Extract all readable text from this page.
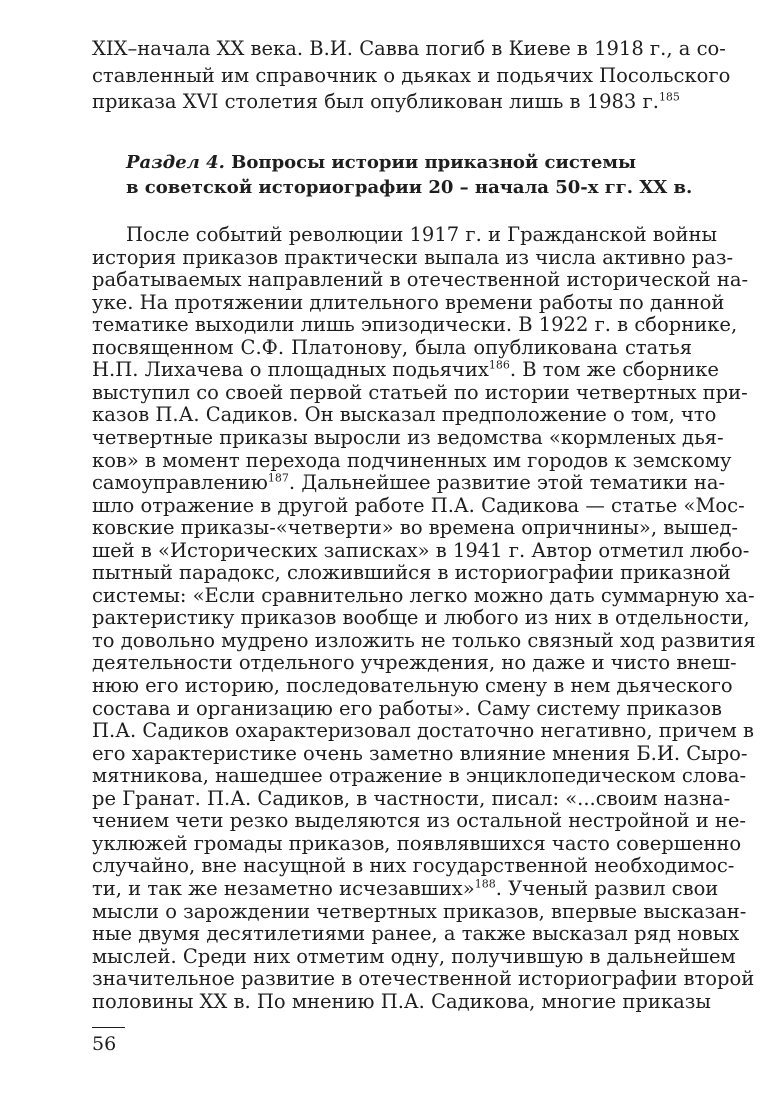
XIX–начала XX века. В.И. Савва погиб в Киеве в 1918 г., а со-
ставленный им справочник о дьяках и подьячих Посольского
приказа XVI столетия был опубликован лишь в 1983 г.$^{185}$
Раздел 4. Вопросы истории приказной системы
в советской историографии 20 – начала 50-х гг. XX в.
После событий революции 1917 г. и Гражданской войны
история приказов практически выпала из числа активно раз-
рабатываемых направлений в отечественной исторической на-
уке. На протяжении длительного времени работы по данной
тематике выходили лишь эпизодически. В 1922 г. в сборнике,
посвященном С.Ф. Платонову, была опубликована статья
Н.П. Лихачева о площадных подьячих$^{186}$. В том же сборнике
выступил со своей первой статьей по истории четвертных при-
казов П.А. Садиков. Он высказал предположение о том, что
четвертные приказы выросли из ведомства «кормленых дья-
ков» в момент перехода подчиненных им городов к земскому
самоуправлению$^{187}$. Дальнейшее развитие этой тематики на-
шло отражение в другой работе П.А. Садикова — статье «Мос-
ковские приказы-«четверти» во времена опричнины», вышед-
шей в «Исторических записках» в 1941 г. Автор отметил любо-
пытный парадокс, сложившийся в историографии приказной
системы: «Если сравнительно легко можно дать суммарную ха-
рактеристику приказов вообще и любого из них в отдельности,
то довольно мудрено изложить не только связный ход развития
деятельности отдельного учреждения, но даже и чисто внеш-
нюю его историю, последовательную смену в нем дьяческого
состава и организацию его работы». Саму систему приказов
П.А. Садиков охарактеризовал достаточно негативно, причем в
его характеристике очень заметно влияние мнения Б.И. Сыро-
мятникова, нашедшее отражение в энциклопедическом слова-
ре Гранат. П.А. Садиков, в частности, писал: «...своим назна-
чением чети резко выделяются из остальной нестройной и не-
уклюжей громады приказов, появлявшихся часто совершенно
случайно, вне насущной в них государственной необходимос-
ти, и так же незаметно исчезавших»$^{188}$. Ученый развил свои
мысли о зарождении четвертных приказов, впервые высказан-
ные двумя десятилетиями ранее, а также высказал ряд новых
мыслей. Среди них отметим одну, получившую в дальнейшем
значительное развитие в отечественной историографии второй
половины XX в. По мнению П.А. Садикова, многие приказы
56
